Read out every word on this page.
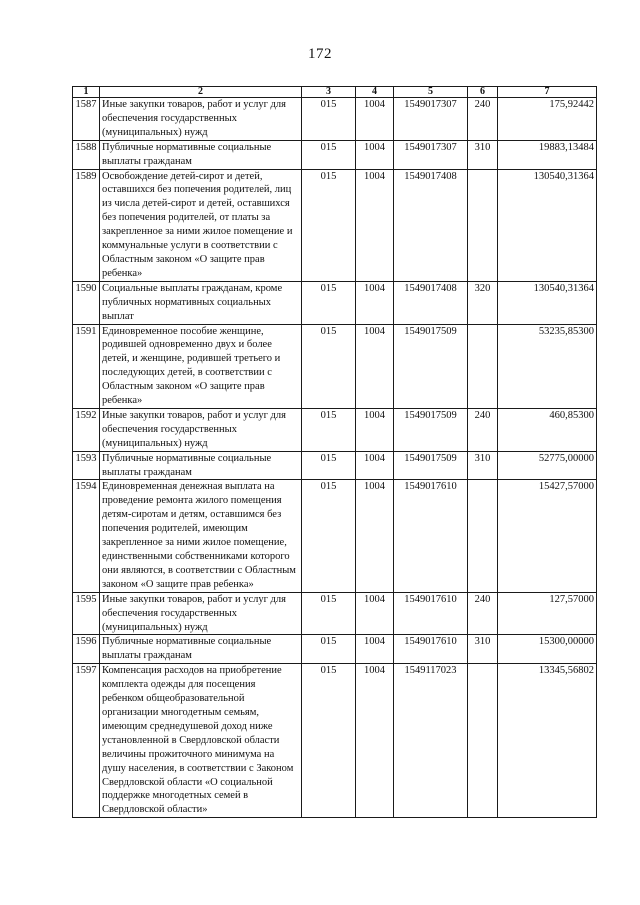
172
1	2	3	4	5	6	7
1587	Иные закупки товаров, работ и услуг для обеспечения государственных (муниципальных) нужд	015	1004	1549017307	240	175,92442
1588	Публичные нормативные социальные выплаты гражданам	015	1004	1549017307	310	19883,13484
1589	Освобождение детей-сирот и детей, оставшихся без попечения родителей, лиц из числа детей-сирот и детей, оставшихся без попечения родителей, от платы за закрепленное за ними жилое помещение и коммунальные услуги в соответствии с Областным законом «О защите прав ребенка»	015	1004	1549017408		130540,31364
1590	Социальные выплаты гражданам, кроме публичных нормативных социальных выплат	015	1004	1549017408	320	130540,31364
1591	Единовременное пособие женщине, родившей одновременно двух и более детей, и женщине, родившей третьего и последующих детей, в соответствии с Областным законом «О защите прав ребенка»	015	1004	1549017509		53235,85300
1592	Иные закупки товаров, работ и услуг для обеспечения государственных (муниципальных) нужд	015	1004	1549017509	240	460,85300
1593	Публичные нормативные социальные выплаты гражданам	015	1004	1549017509	310	52775,00000
1594	Единовременная денежная выплата на проведение ремонта жилого помещения детям-сиротам и детям, оставшимся без попечения родителей, имеющим закрепленное за ними жилое помещение, единственными собственниками которого они являются, в соответствии с Областным законом «О защите прав ребенка»	015	1004	1549017610		15427,57000
1595	Иные закупки товаров, работ и услуг для обеспечения государственных (муниципальных) нужд	015	1004	1549017610	240	127,57000
1596	Публичные нормативные социальные выплаты гражданам	015	1004	1549017610	310	15300,00000
1597	Компенсация расходов на приобретение комплекта одежды для посещения ребенком общеобразовательной организации многодетным семьям, имеющим среднедушевой доход ниже установленной в Свердловской области величины прожиточного минимума на душу населения, в соответствии с Законом Свердловской области «О социальной поддержке многодетных семей в Свердловской области»	015	1004	1549117023		13345,56802
